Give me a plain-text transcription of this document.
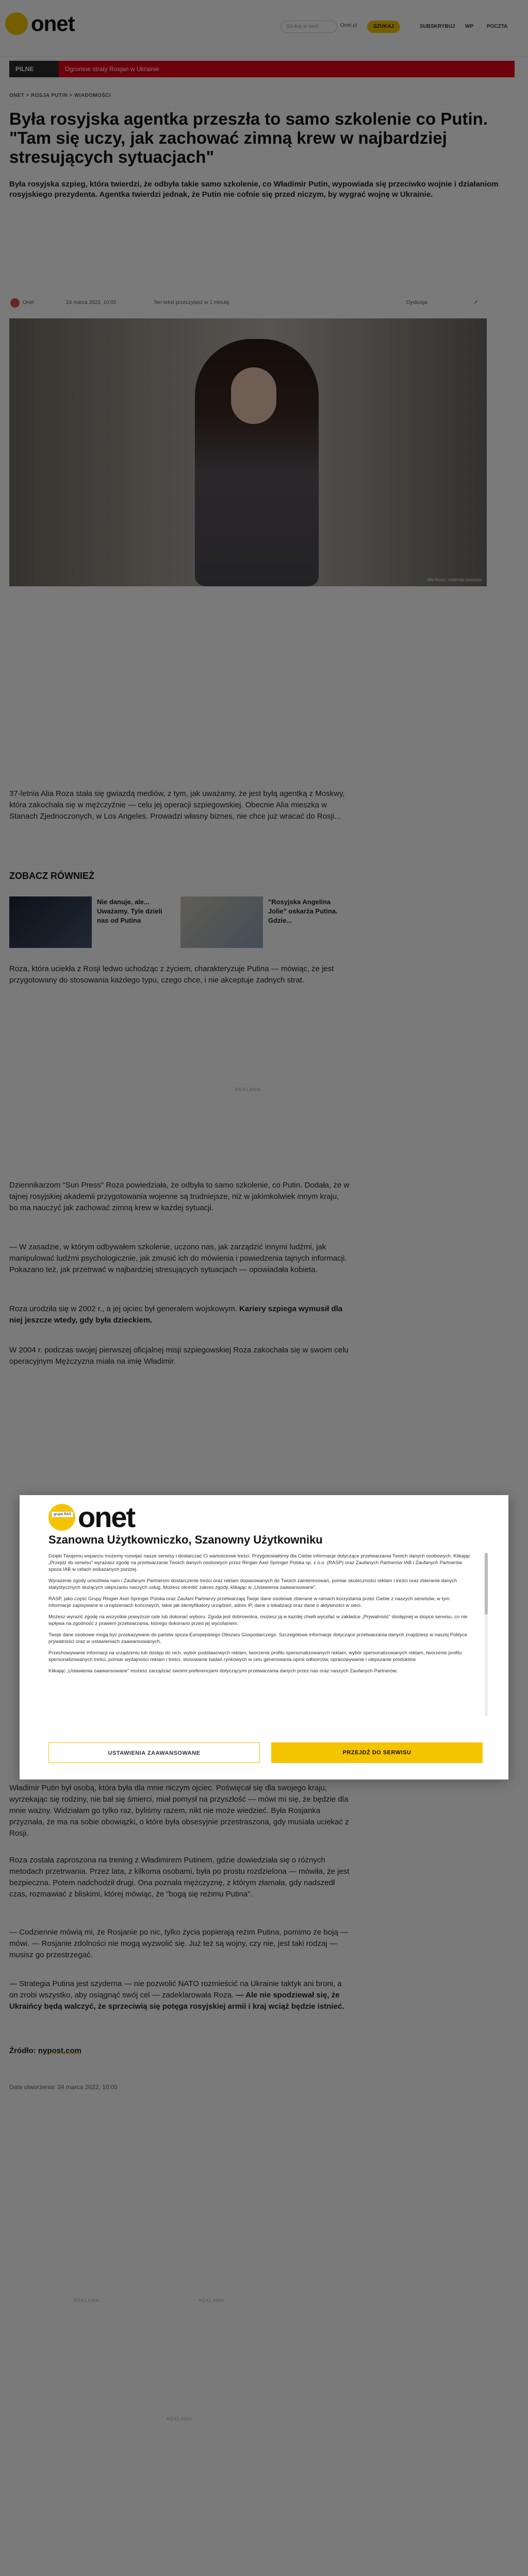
onet
grupa RAS
Szanowna Użytkowniczko, Szanowny Użytkowniku

Dzięki Twojemu wsparciu możemy rozwijać nasze serwisy i dostarczać Ci wartościowe treści. Przygotowaliśmy dla Ciebie informacje dotyczące przetwarzania Twoich danych osobowych. Klikając „Przejdź do serwisu” wyrażasz zgodę na przetwarzanie Twoich danych osobowych przez Ringier Axel Springer Polska sp. z o.o. (RASP) oraz Zaufanych Partnerów IAB i Zaufanych Partnerów spoza IAB w celach wskazanych poniżej.

Wyrażenie zgody umożliwia nam i Zaufanym Partnerom dostarczenie treści oraz reklam dopasowanych do Twoich zainteresowań, pomiar skuteczności reklam i treści oraz zbieranie danych statystycznych służących ulepszaniu naszych usług. Możesz określić zakres zgody, klikając w „Ustawienia zaawansowane”.

RASP, jako część Grupy Ringier Axel Springer Polska oraz Zaufani Partnerzy przetwarzają Twoje dane osobowe zbierane w ramach korzystania przez Ciebie z naszych serwisów, w tym informacje zapisywane w urządzeniach końcowych, takie jak identyfikatory urządzeń, adres IP, dane o lokalizacji oraz dane o aktywności w sieci.

Możesz wyrazić zgodę na wszystkie powyższe cele lub dokonać wyboru. Zgoda jest dobrowolna, możesz ją w każdej chwili wycofać w zakładce „Prywatność” dostępnej w stopce serwisu, co nie wpływa na zgodność z prawem przetwarzania, którego dokonano przed jej wycofaniem.

Twoje dane osobowe mogą być przekazywane do państw spoza Europejskiego Obszaru Gospodarczego. Szczegółowe informacje dotyczące przetwarzania danych znajdziesz w naszej Polityce prywatności oraz w ustawieniach zaawansowanych.

Przechowywanie informacji na urządzeniu lub dostęp do nich, wybór podstawowych reklam, tworzenie profilu spersonalizowanych reklam, wybór spersonalizowanych reklam, tworzenie profilu spersonalizowanych treści, pomiar wydajności reklam i treści, stosowanie badań rynkowych w celu generowania opinii odbiorców, opracowywanie i ulepszanie produktów.

Klikając „Ustawienia zaawansowane” możesz zarządzać swoimi preferencjami dotyczącymi przetwarzania danych przez nas oraz naszych Zaufanych Partnerów.

USTAWIENIA ZAAWANSOWANE	PRZEJDŹ DO SERWISU
